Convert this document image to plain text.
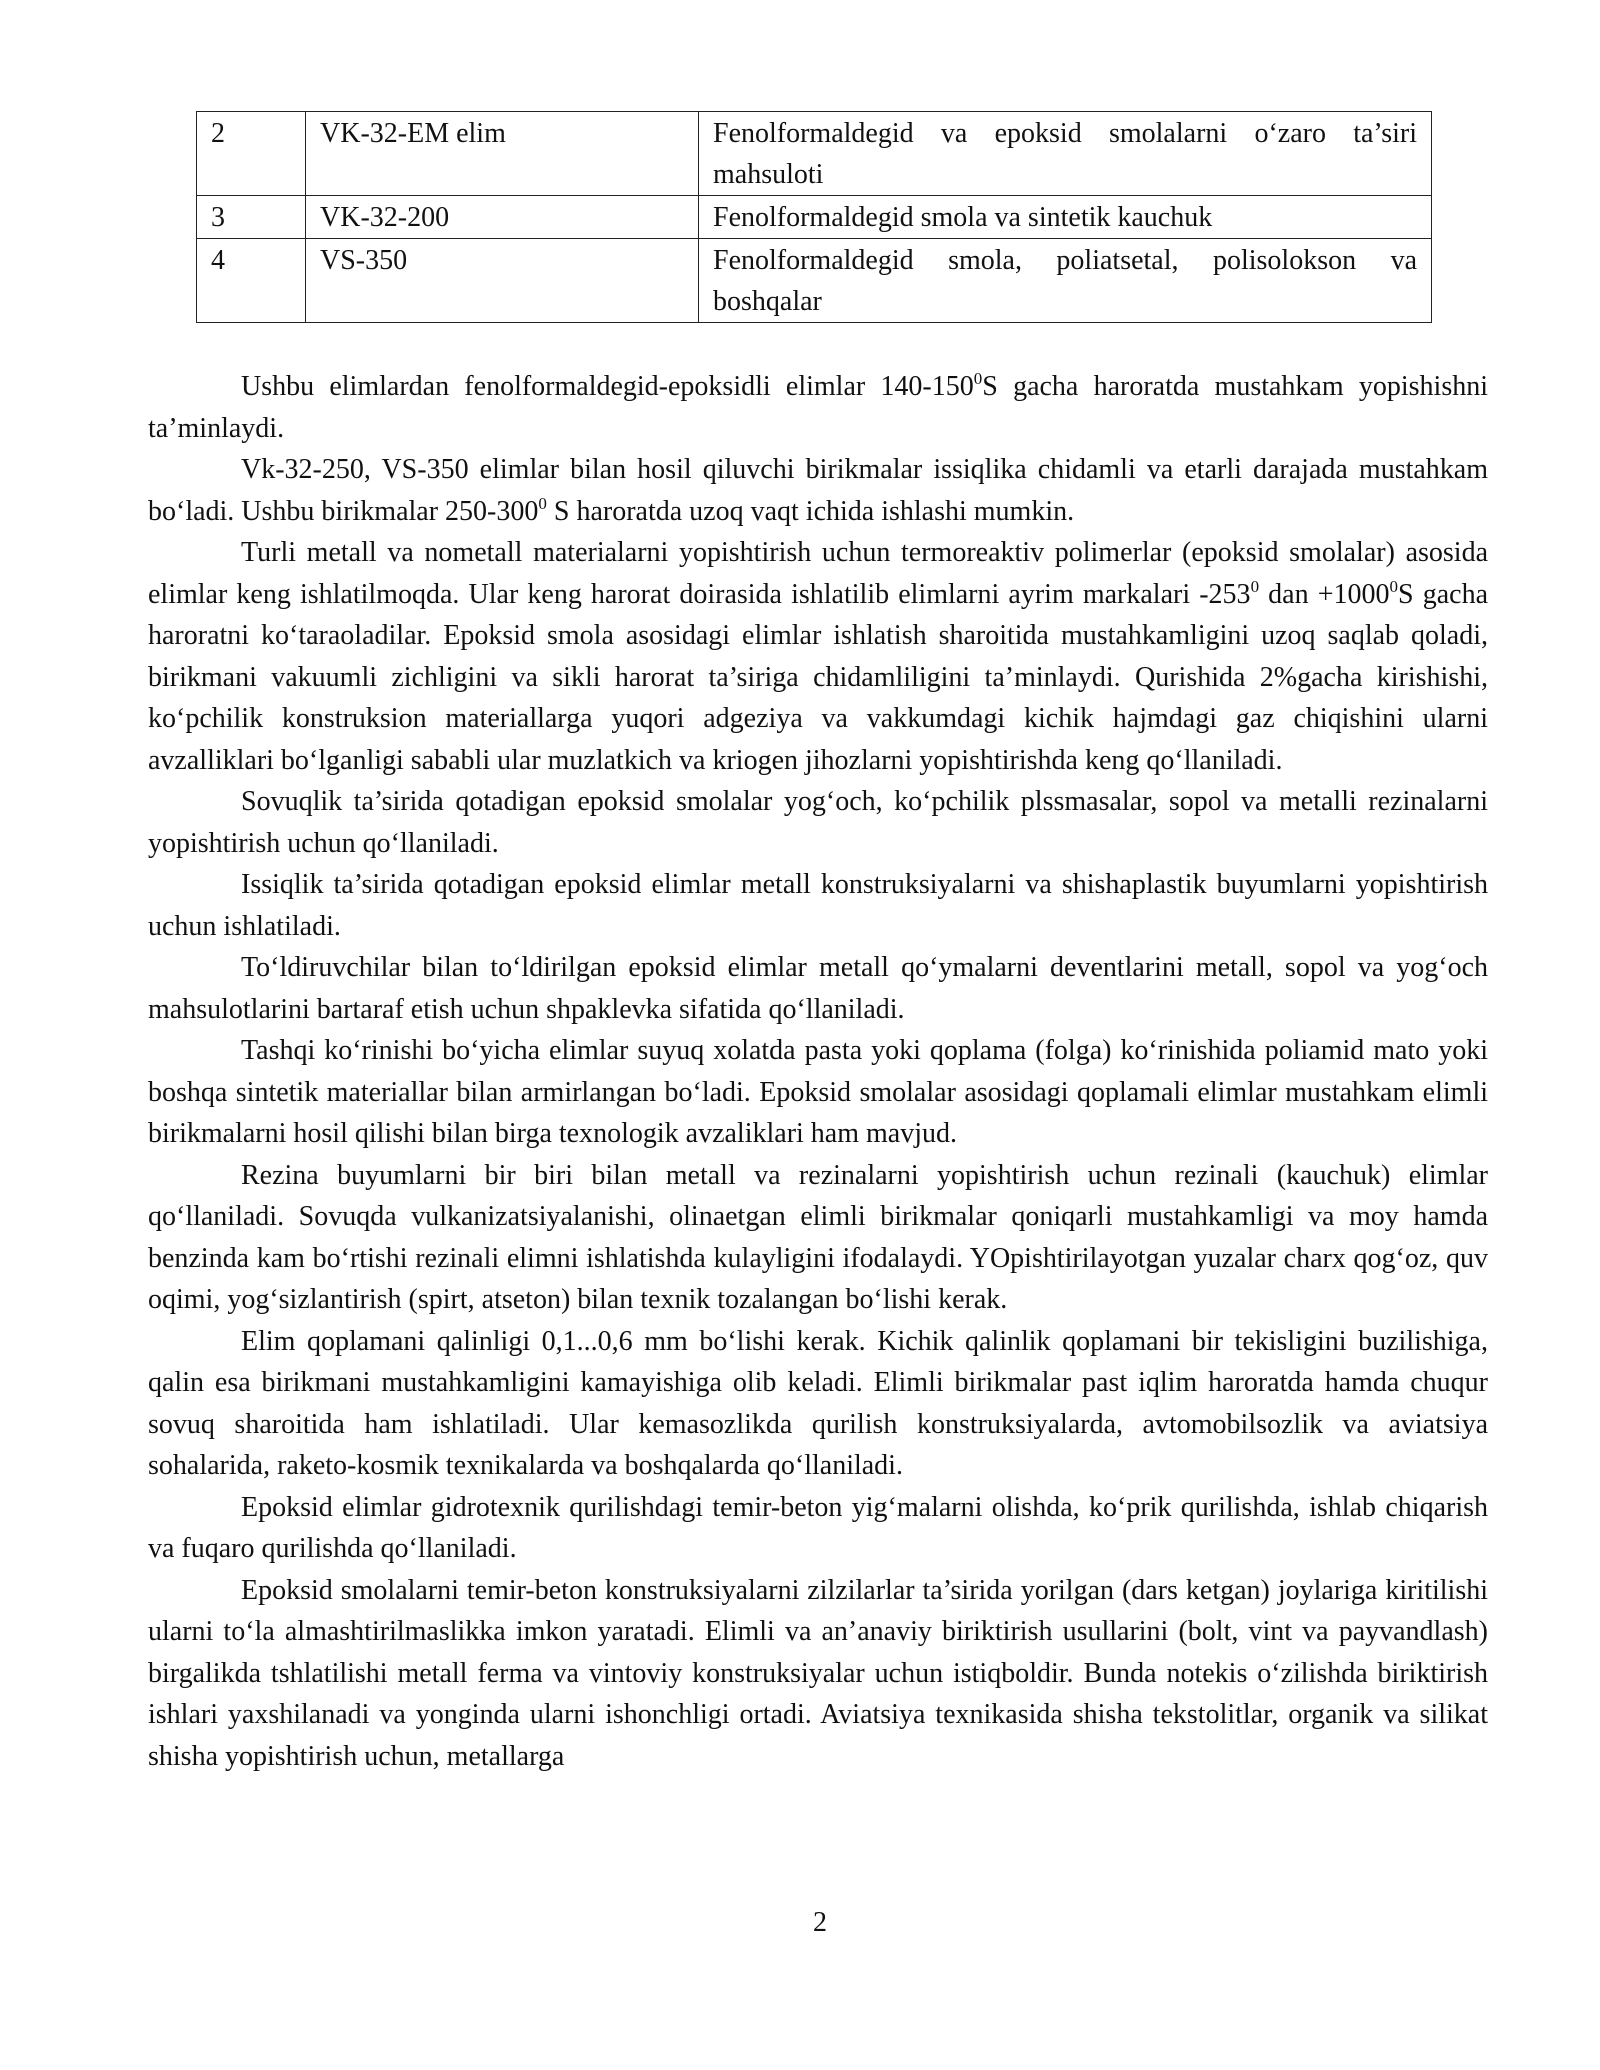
2	VK-32-EM elim	Fenolformaldegid va epoksid smolalarni o‘zaro ta’siri mahsuloti
3	VK-32-200	Fenolformaldegid smola va sintetik kauchuk
4	VS-350	Fenolformaldegid smola, poliatsetal, polisolokson va boshqalar

Ushbu elimlardan fenolformaldegid-epoksidli elimlar $140-150^0S$ gacha haroratda mustahkam yopishishni ta’minlaydi.

Vk-32-250, VS-350 elimlar bilan hosil qiluvchi birikmalar issiqlika chidamli va etarli darajada mustahkam bo‘ladi. Ushbu birikmalar $250-300^0$ S haroratda uzoq vaqt ichida ishlashi mumkin.

Turli metall va nometall materialarni yopishtirish uchun termoreaktiv polimerlar (epoksid smolalar) asosida elimlar keng ishlatilmoqda. Ular keng harorat doirasida ishlatilib elimlarni ayrim markalari $-253^0$ dan $+1000^0S$ gacha haroratni ko‘taraoladilar. Epoksid smola asosidagi elimlar ishlatish sharoitida mustahkamligini uzoq saqlab qoladi, birikmani vakuumli zichligini va sikli harorat ta’siriga chidamliligini ta’minlaydi. Qurishida 2%gacha kirishishi, ko‘pchilik konstruksion materiallarga yuqori adgeziya va vakkumdagi kichik hajmdagi gaz chiqishini ularni avzalliklari bo‘lganligi sababli ular muzlatkich va kriogen jihozlarni yopishtirishda keng qo‘llaniladi.

Sovuqlik ta’sirida qotadigan epoksid smolalar yog‘och, ko‘pchilik plssmasalar, sopol va metalli rezinalarni yopishtirish uchun qo‘llaniladi.

Issiqlik ta’sirida qotadigan epoksid elimlar metall konstruksiyalarni va shishaplastik buyumlarni yopishtirish uchun ishlatiladi.

To‘ldiruvchilar bilan to‘ldirilgan epoksid elimlar metall qo‘ymalarni deventlarini metall, sopol va yog‘och mahsulotlarini bartaraf etish uchun shpaklevka sifatida qo‘llaniladi.

Tashqi ko‘rinishi bo‘yicha elimlar suyuq xolatda pasta yoki qoplama (folga) ko‘rinishida poliamid mato yoki boshqa sintetik materiallar bilan armirlangan bo‘ladi. Epoksid smolalar asosidagi qoplamali elimlar mustahkam elimli birikmalarni hosil qilishi bilan birga texnologik avzaliklari ham mavjud.

Rezina buyumlarni bir biri bilan metall va rezinalarni yopishtirish uchun rezinali (kauchuk) elimlar qo‘llaniladi. Sovuqda vulkanizatsiyalanishi, olinaetgan elimli birikmalar qoniqarli mustahkamligi va moy hamda benzinda kam bo‘rtishi rezinali elimni ishlatishda kulayligini ifodalaydi. YOpishtirilayotgan yuzalar charx qog‘oz, quv oqimi, yog‘sizlantirish (spirt, atseton) bilan texnik tozalangan bo‘lishi kerak.

Elim qoplamani qalinligi 0,1...0,6 mm bo‘lishi kerak. Kichik qalinlik qoplamani bir tekisligini buzilishiga, qalin esa birikmani mustahkamligini kamayishiga olib keladi. Elimli birikmalar past iqlim haroratda hamda chuqur sovuq sharoitida ham ishlatiladi. Ular kemasozlikda qurilish konstruksiyalarda, avtomobilsozlik va aviatsiya sohalarida, raketo-kosmik texnikalarda va boshqalarda qo‘llaniladi.

Epoksid elimlar gidrotexnik qurilishdagi temir-beton yig‘malarni olishda, ko‘prik qurilishda, ishlab chiqarish va fuqaro qurilishda qo‘llaniladi.

Epoksid smolalarni temir-beton konstruksiyalarni zilzilarlar ta’sirida yorilgan (dars ketgan) joylariga kiritilishi ularni to‘la almashtirilmaslikka imkon yaratadi. Elimli va an’anaviy biriktirish usullarini (bolt, vint va payvandlash) birgalikda tshlatilishi metall ferma va vintoviy konstruksiyalar uchun istiqboldir. Bunda notekis o‘zilishda biriktirish ishlari yaxshilanadi va yonginda ularni ishonchligi ortadi. Aviatsiya texnikasida shisha tekstolitlar, organik va silikat shisha yopishtirish uchun, metallarga

2
